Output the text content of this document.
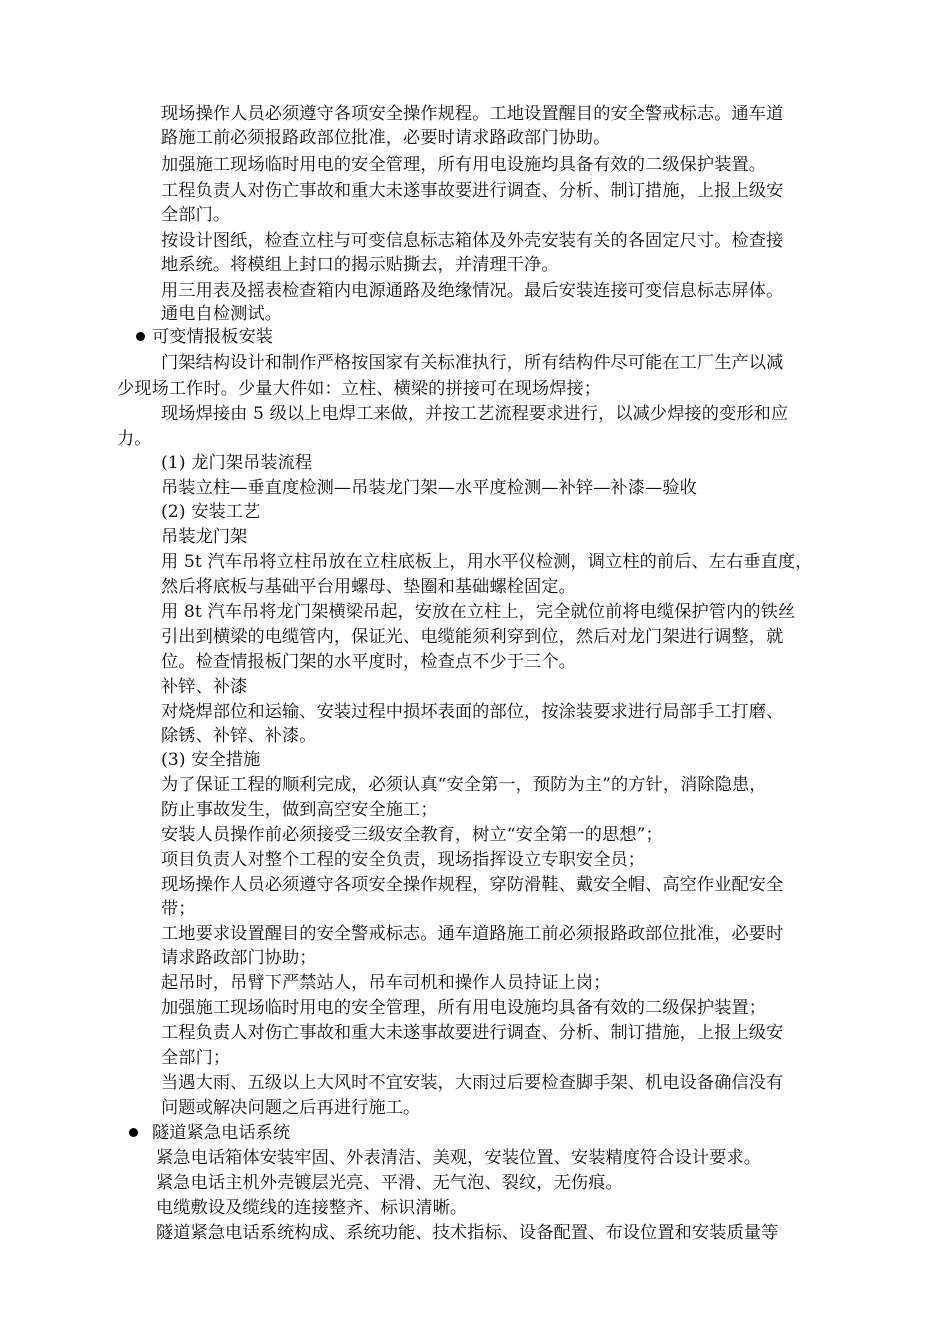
现场操作人员必须遵守各项安全操作规程。工地设置醒目的安全警戒标志。通车道
路施工前必须报路政部位批准，必要时请求路政部门协助。
加强施工现场临时用电的安全管理，所有用电设施均具备有效的二级保护装置。
工程负责人对伤亡事故和重大未遂事故要进行调查、分析、制订措施，上报上级安
全部门。
按设计图纸，检查立柱与可变信息标志箱体及外壳安装有关的各固定尺寸。检查接
地系统。将模组上封口的揭示贴撕去，并清理干净。
用三用表及摇表检查箱内电源通路及绝缘情况。最后安装连接可变信息标志屏体。
通电自检测试。
可变情报板安装
门架结构设计和制作严格按国家有关标准执行，所有结构件尽可能在工厂生产以减
少现场工作时。少量大件如：立柱、横梁的拼接可在现场焊接；
现场焊接由 5 级以上电焊工来做，并按工艺流程要求进行，以减少焊接的变形和应
力。
(1) 龙门架吊装流程
吊装立柱—垂直度检测—吊装龙门架—水平度检测—补锌—补漆—验收
(2) 安装工艺
吊装龙门架
用 5t 汽车吊将立柱吊放在立柱底板上，用水平仪检测，调立柱的前后、左右垂直度，
然后将底板与基础平台用螺母、垫圈和基础螺栓固定。
用 8t 汽车吊将龙门架横梁吊起，安放在立柱上，完全就位前将电缆保护管内的铁丝
引出到横梁的电缆管内，保证光、电缆能须利穿到位，然后对龙门架进行调整，就
位。检查情报板门架的水平度时，检查点不少于三个。
补锌、补漆
对烧焊部位和运输、安装过程中损坏表面的部位，按涂装要求进行局部手工打磨、
除锈、补锌、补漆。
(3) 安全措施
为了保证工程的顺利完成，必须认真“安全第一，预防为主”的方针，消除隐患，
防止事故发生，做到高空安全施工；
安装人员操作前必须接受三级安全教育，树立“安全第一的思想”；
项目负责人对整个工程的安全负责，现场指挥设立专职安全员；
现场操作人员必须遵守各项安全操作规程，穿防滑鞋、戴安全帽、高空作业配安全
带；
工地要求设置醒目的安全警戒标志。通车道路施工前必须报路政部位批准，必要时
请求路政部门协助；
起吊时，吊臂下严禁站人，吊车司机和操作人员持证上岗；
加强施工现场临时用电的安全管理，所有用电设施均具备有效的二级保护装置；
工程负责人对伤亡事故和重大未遂事故要进行调查、分析、制订措施，上报上级安
全部门；
当遇大雨、五级以上大风时不宜安装，大雨过后要检查脚手架、机电设备确信没有
问题或解决问题之后再进行施工。
隧道紧急电话系统
紧急电话箱体安装牢固、外表清洁、美观，安装位置、安装精度符合设计要求。
紧急电话主机外壳镀层光亮、平滑、无气泡、裂纹，无伤痕。
电缆敷设及缆线的连接整齐、标识清晰。
隧道紧急电话系统构成、系统功能、技术指标、设备配置、布设位置和安装质量等
